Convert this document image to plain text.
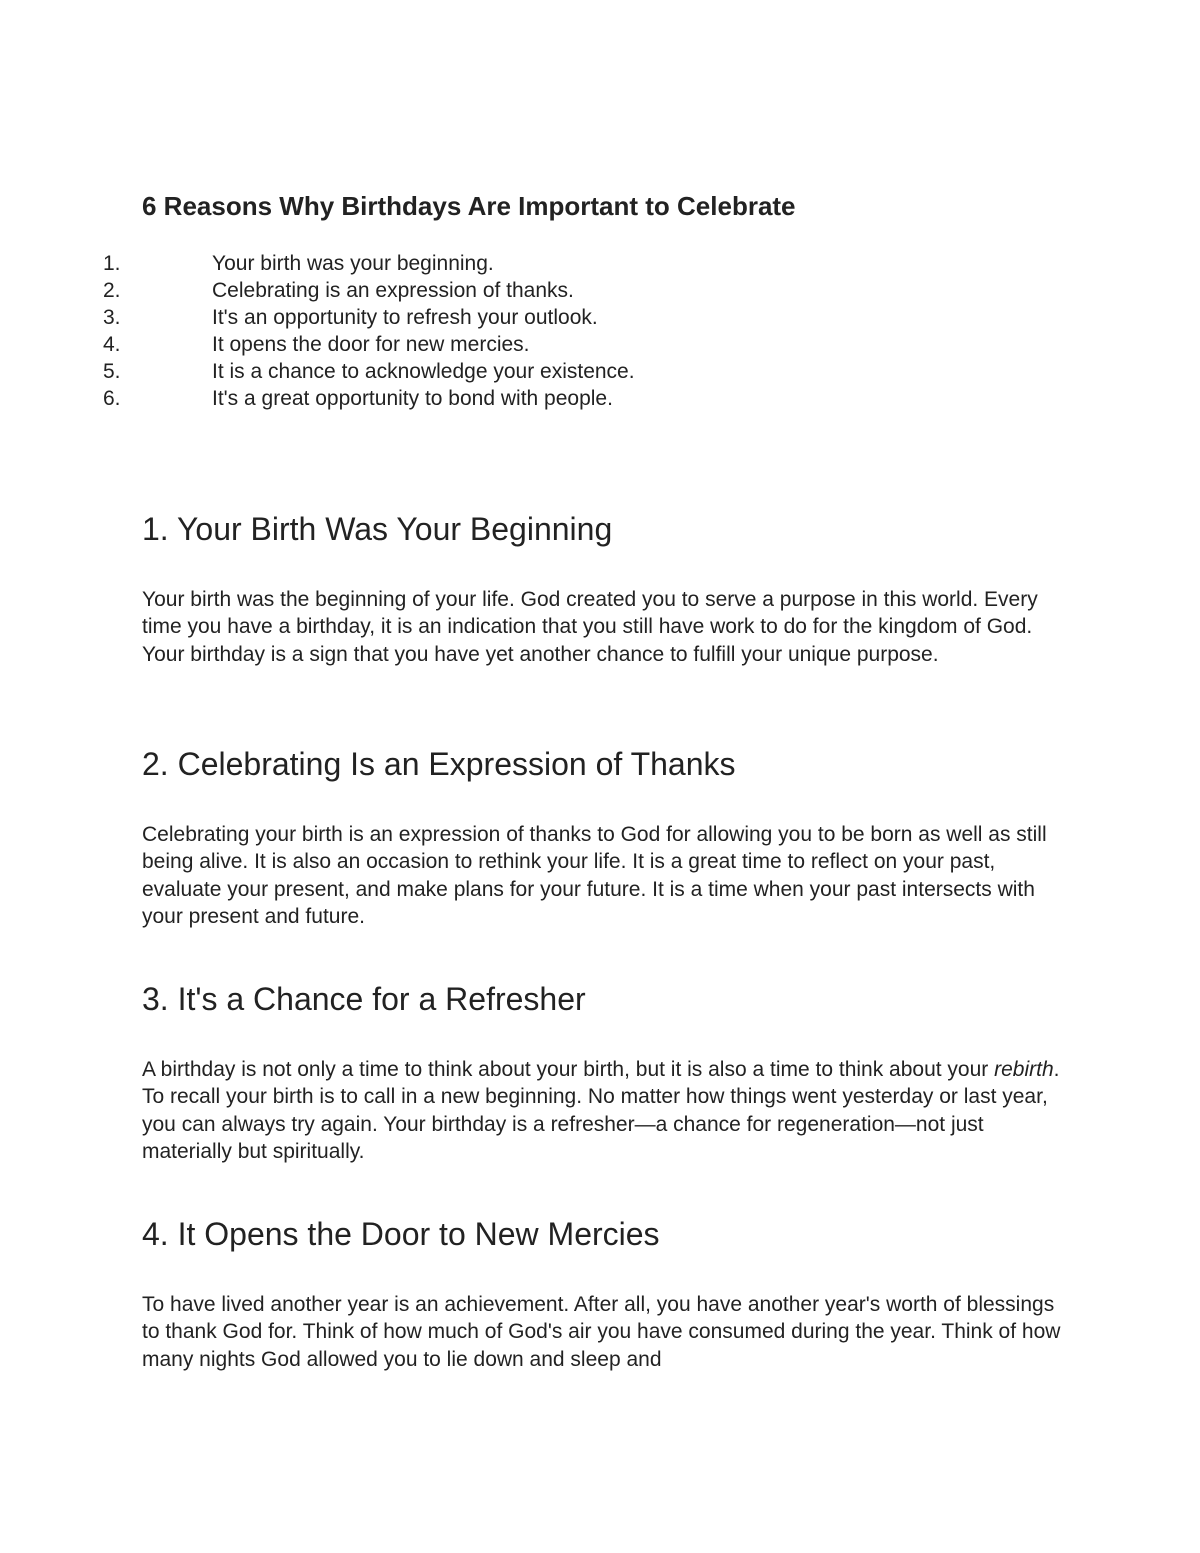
6 Reasons Why Birthdays Are Important to Celebrate
1.	Your birth was your beginning.
2.	Celebrating is an expression of thanks.
3.	It's an opportunity to refresh your outlook.
4.	It opens the door for new mercies.
5.	It is a chance to acknowledge your existence.
6.	It's a great opportunity to bond with people.
1. Your Birth Was Your Beginning

Your birth was the beginning of your life. God created you to serve a purpose in this world. Every time you have a birthday, it is an indication that you still have work to do for the kingdom of God. Your birthday is a sign that you have yet another chance to fulfill your unique purpose.

2. Celebrating Is an Expression of Thanks

Celebrating your birth is an expression of thanks to God for allowing you to be born as well as still being alive. It is also an occasion to rethink your life. It is a great time to reflect on your past, evaluate your present, and make plans for your future. It is a time when your past intersects with your present and future.

3. It's a Chance for a Refresher

A birthday is not only a time to think about your birth, but it is also a time to think about your rebirth. To recall your birth is to call in a new beginning. No matter how things went yesterday or last year, you can always try again. Your birthday is a refresher—a chance for regeneration—not just materially but spiritually.

4. It Opens the Door to New Mercies

To have lived another year is an achievement. After all, you have another year's worth of blessings to thank God for. Think of how much of God's air you have consumed during the year. Think of how many nights God allowed you to lie down and sleep and
